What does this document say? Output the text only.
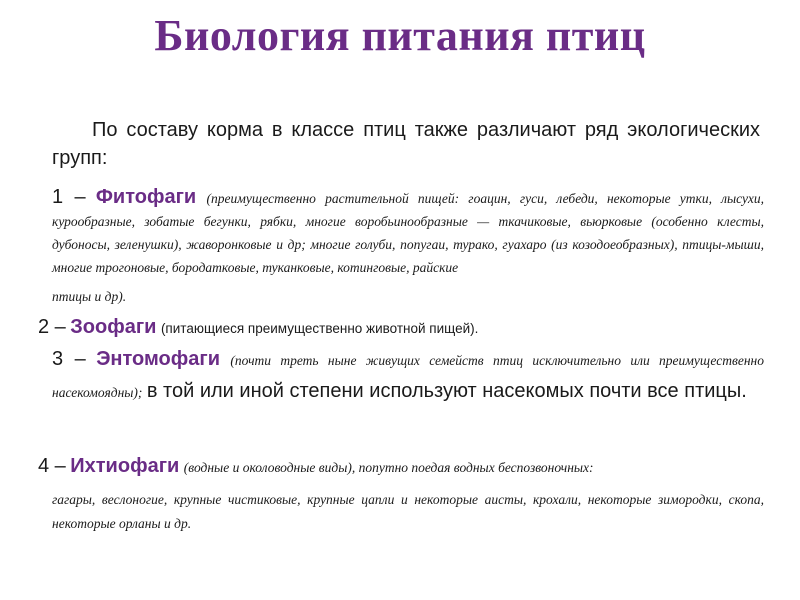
Биология питания птиц
По составу корма в классе птиц также различают ряд экологических групп:
1 – Фитофаги (преимущественно растительной пищей: гоацин, гуси, лебеди, некоторые утки, лысухи, курообразные, зобатые бегунки, рябки, многие воробьинообразные — ткачиковые, вьюрковые (особенно клесты, дубоносы, зеленушки), жаворонковые и др; многие голуби, попугаи, турако, гуахаро (из козодоеобразных), птицы-мыши, многие трогоновые, бородатковые, туканковые, котинговые, райские
птицы и др).
2 – Зоофаги (питающиеся преимущественно животной пищей).
3 – Энтомофаги (почти треть ныне живущих семейств птиц исключительно или преимущественно насекомоядны); в той или иной степени используют насекомых почти все птицы.
4 – Ихтиофаги (водные и околоводные виды), попутно поедая водных беспозвоночных:
гагары, веслоногие, крупные чистиковые, крупные цапли и некоторые аисты, крохали, некоторые зимородки, скопа, некоторые орланы и др.
